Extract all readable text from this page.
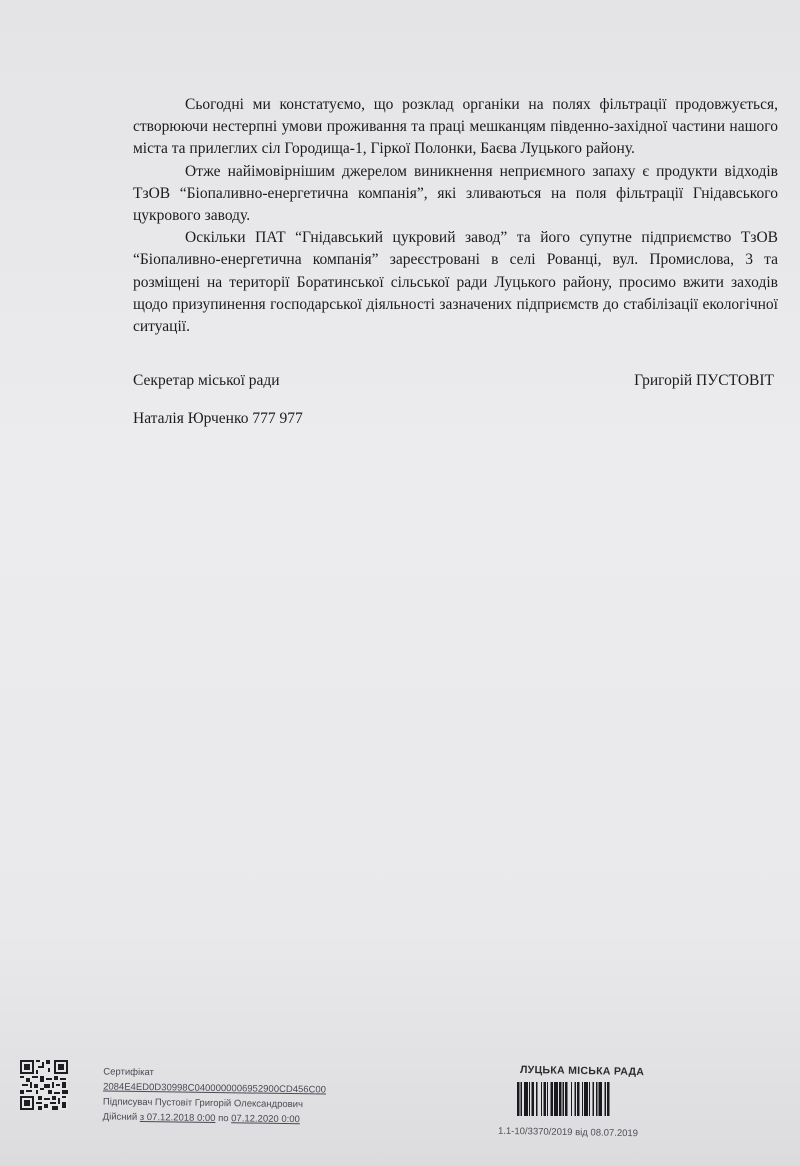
Сьогодні ми констатуємо, що розклад органіки на полях фільтрації продовжується, створюючи нестерпні умови проживання та праці мешканцям південно-західної частини нашого міста та прилеглих сіл Городища-1, Гіркої Полонки, Баєва Луцького району.

Отже найімовірнішим джерелом виникнення неприємного запаху є продукти відходів ТзОВ “Біопаливно-енергетична компанія”, які зливаються на поля фільтрації Гнідавського цукрового заводу.

Оскільки ПАТ “Гнідавський цукровий завод” та його супутне підприємство ТзОВ “Біопаливно-енергетична компанія” зареєстровані в селі Рованці, вул. Промислова, 3 та розміщені на території Боратинської сільської ради Луцького району, просимо вжити заходів щодо призупинення господарської діяльності зазначених підприємств до стабілізації екологічної ситуації.

Секретар міської ради	Григорій ПУСТОВІТ
Наталія Юрченко 777 977
Сертифікат
2084E4ED0D30998C0400000006952900CD456C00
Підписувач Пустовіт Григорій Олександрович
Дійсний з 07.12.2018 0:00 по 07.12.2020 0:00
ЛУЦЬКА МІСЬКА РАДА
1.1-10/3370/2019 від 08.07.2019
